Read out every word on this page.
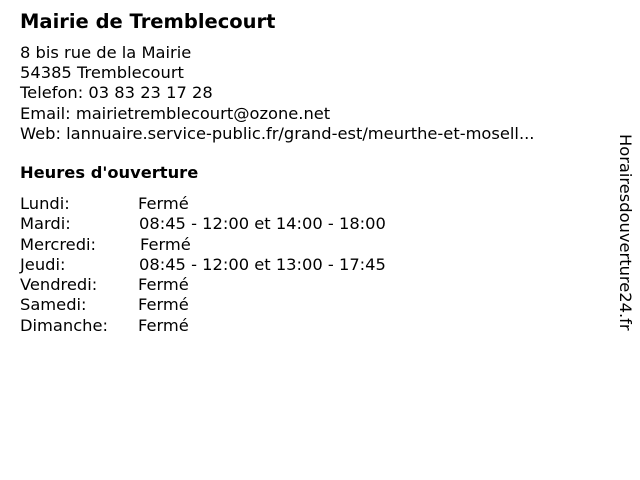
Mairie de Tremblecourt
8 bis rue de la Mairie
54385 Tremblecourt
Telefon: 03 83 23 17 28
Email: mairietremblecourt@ozone.net
Web: lannuaire.service-public.fr/grand-est/meurthe-et-mosell...
Heures d'ouverture
Lundi:	Fermé
Mardi:	08:45 - 12:00 et 14:00 - 18:00
Mercredi:	Fermé
Jeudi:	08:45 - 12:00 et 13:00 - 17:45
Vendredi:	Fermé
Samedi:	Fermé
Dimanche: Fermé	Horairesdouverture24.fr
